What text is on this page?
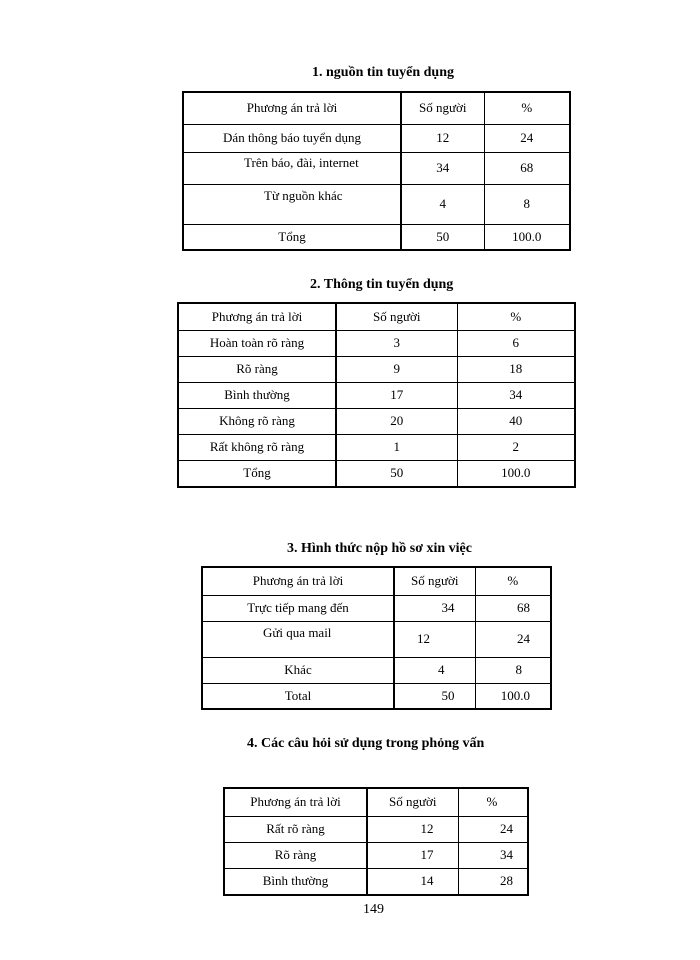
1. nguồn tin tuyển dụng
Phương án trả lời	Số người	%
Dán thông báo tuyển dụng	12	24
Trên báo, đài, internet	34	68
Từ nguồn khác	4	8
Tổng	50	100.0
2. Thông tin tuyển dụng
Phương án trả lời	Số người	%
Hoàn toàn rõ ràng	3	6
Rõ ràng	9	18
Bình thường	17	34
Không rõ ràng	20	40
Rất không rõ ràng	1	2
Tổng	50	100.0
3. Hình thức nộp hồ sơ xin việc
Phương án trả lời	Số người	%
Trực tiếp mang đến	34	68
Gửi qua mail	12	24
Khác	4	8
Total	50	100.0
4. Các câu hỏi sử dụng trong phỏng vấn
Phương án trả lời	Số người	%
Rất rõ ràng	12	24
Rõ ràng	17	34
Bình thường	14	28
149
